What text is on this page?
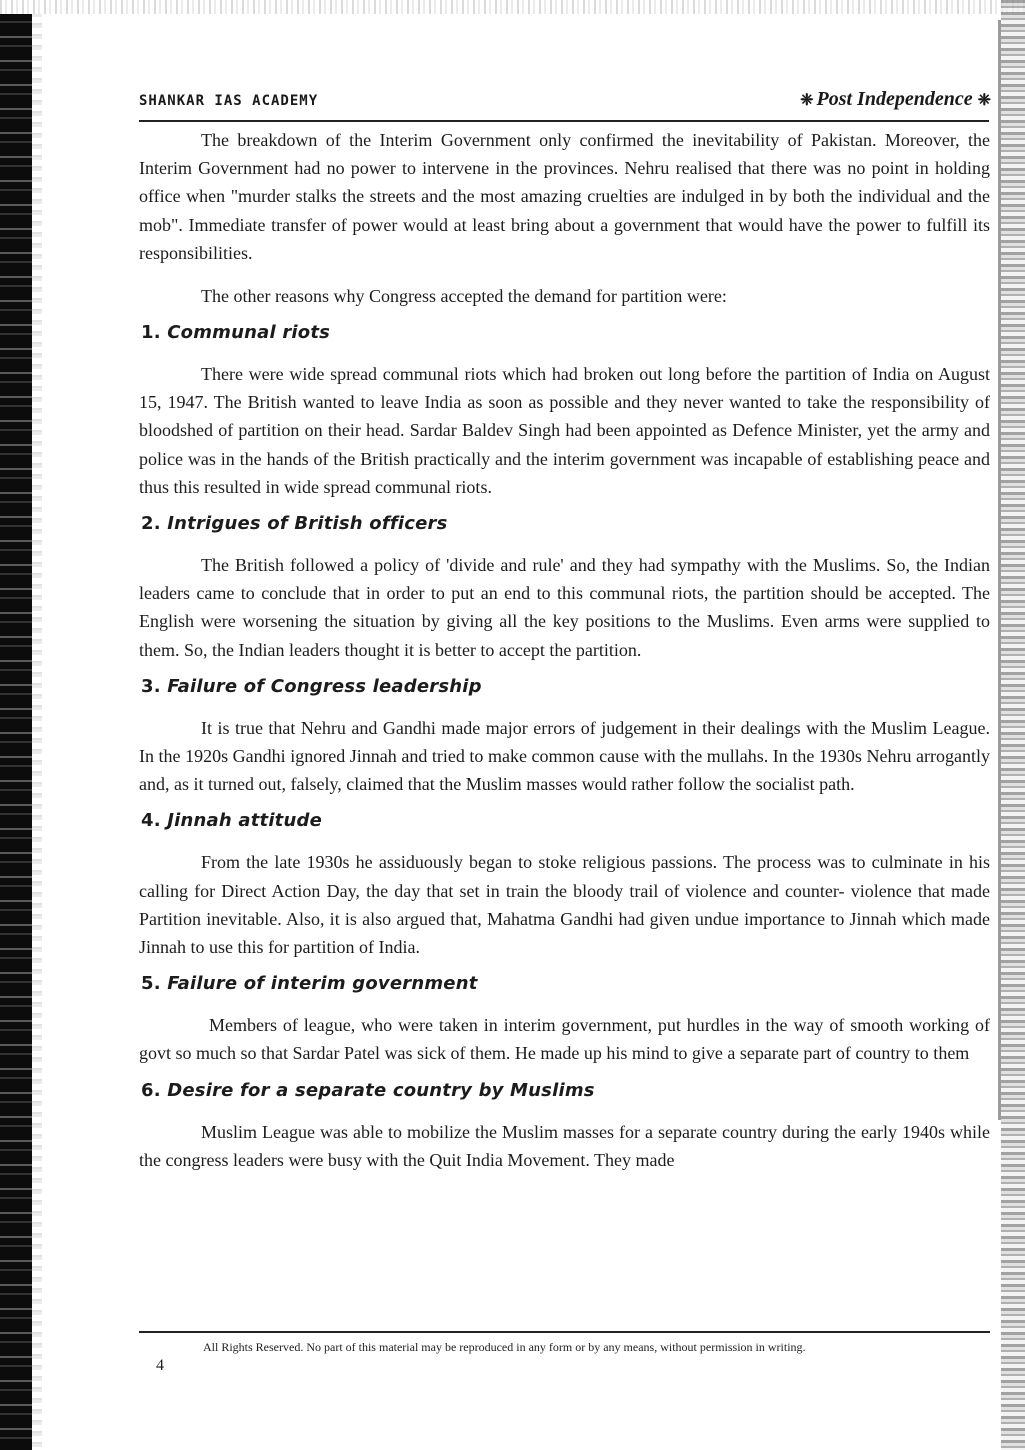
SHANKAR IAS ACADEMY	❈ Post Independence ❈

The breakdown of the Interim Government only confirmed the inevitability of Pakistan. Moreover, the Interim Government had no power to intervene in the provinces. Nehru realised that there was no point in holding office when "murder stalks the streets and the most amazing cruelties are indulged in by both the individual and the mob". Immediate transfer of power would at least bring about a government that would have the power to fulfill its responsibilities.

The other reasons why Congress accepted the demand for partition were:

1. Communal riots

There were wide spread communal riots which had broken out long before the partition of India on August 15, 1947. The British wanted to leave India as soon as possible and they never wanted to take the responsibility of bloodshed of partition on their head. Sardar Baldev Singh had been appointed as Defence Minister, yet the army and police was in the hands of the British practically and the interim government was incapable of establishing peace and thus this resulted in wide spread communal riots.

2. Intrigues of British officers

The British followed a policy of 'divide and rule' and they had sympathy with the Muslims. So, the Indian leaders came to conclude that in order to put an end to this communal riots, the partition should be accepted. The English were worsening the situation by giving all the key positions to the Muslims. Even arms were supplied to them. So, the Indian leaders thought it is better to accept the partition.

3. Failure of Congress leadership

It is true that Nehru and Gandhi made major errors of judgement in their dealings with the Muslim League. In the 1920s Gandhi ignored Jinnah and tried to make common cause with the mullahs. In the 1930s Nehru arrogantly and, as it turned out, falsely, claimed that the Muslim masses would rather follow the socialist path.

4. Jinnah attitude

From the late 1930s he assiduously began to stoke religious passions. The process was to culminate in his calling for Direct Action Day, the day that set in train the bloody trail of violence and counter- violence that made Partition inevitable. Also, it is also argued that, Mahatma Gandhi had given undue importance to Jinnah which made Jinnah to use this for partition of India.

5. Failure of interim government

Members of league, who were taken in interim government, put hurdles in the way of smooth working of govt so much so that Sardar Patel was sick of them. He made up his mind to give a separate part of country to them

6. Desire for a separate country by Muslims

Muslim League was able to mobilize the Muslim masses for a separate country during the early 1940s while the congress leaders were busy with the Quit India Movement. They made

All Rights Reserved. No part of this material may be reproduced in any form or by any means, without permission in writing.
4
